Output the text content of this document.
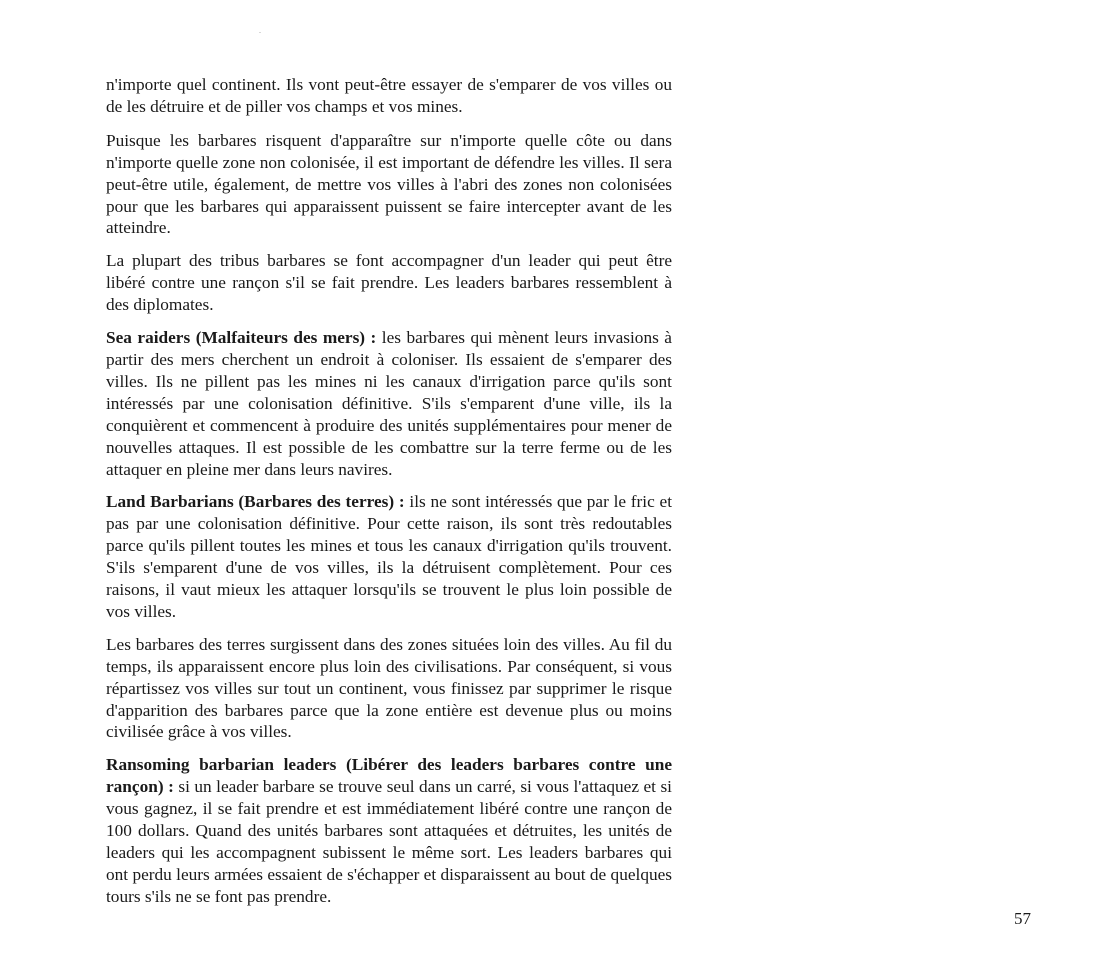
n'importe quel continent. Ils vont peut-être essayer de s'emparer de vos villes ou de les détruire et de piller vos champs et vos mines.

Puisque les barbares risquent d'apparaître sur n'importe quelle côte ou dans n'importe quelle zone non colonisée, il est important de défendre les villes. Il sera peut-être utile, également, de mettre vos villes à l'abri des zones non colonisées pour que les barbares qui apparaissent puissent se faire intercepter avant de les atteindre.

La plupart des tribus barbares se font accompagner d'un leader qui peut être libéré contre une rançon s'il se fait prendre. Les leaders barbares ressemblent à des diplomates.

Sea raiders (Malfaiteurs des mers) : les barbares qui mènent leurs invasions à partir des mers cherchent un endroit à coloniser. Ils essaient de s'emparer des villes. Ils ne pillent pas les mines ni les canaux d'irrigation parce qu'ils sont intéressés par une colonisation définitive. S'ils s'emparent d'une ville, ils la conquièrent et commencent à produire des unités supplémentaires pour mener de nouvelles attaques. Il est possible de les combattre sur la terre ferme ou de les attaquer en pleine mer dans leurs navires.

Land Barbarians (Barbares des terres) : ils ne sont intéressés que par le fric et pas par une colonisation définitive. Pour cette raison, ils sont très redoutables parce qu'ils pillent toutes les mines et tous les canaux d'irrigation qu'ils trouvent. S'ils s'emparent d'une de vos villes, ils la détruisent complètement. Pour ces raisons, il vaut mieux les attaquer lorsqu'ils se trouvent le plus loin possible de vos villes.

Les barbares des terres surgissent dans des zones situées loin des villes. Au fil du temps, ils apparaissent encore plus loin des civilisations. Par conséquent, si vous répartissez vos villes sur tout un continent, vous finissez par supprimer le risque d'apparition des barbares parce que la zone entière est devenue plus ou moins civilisée grâce à vos villes.

Ransoming barbarian leaders (Libérer des leaders barbares contre une rançon) : si un leader barbare se trouve seul dans un carré, si vous l'attaquez et si vous gagnez, il se fait prendre et est immédiatement libéré contre une rançon de 100 dollars. Quand des unités barbares sont attaquées et détruites, les unités de leaders qui les accompagnent subissent le même sort. Les leaders barbares qui ont perdu leurs armées essaient de s'échapper et disparaissent au bout de quelques tours s'ils ne se font pas prendre.

57
